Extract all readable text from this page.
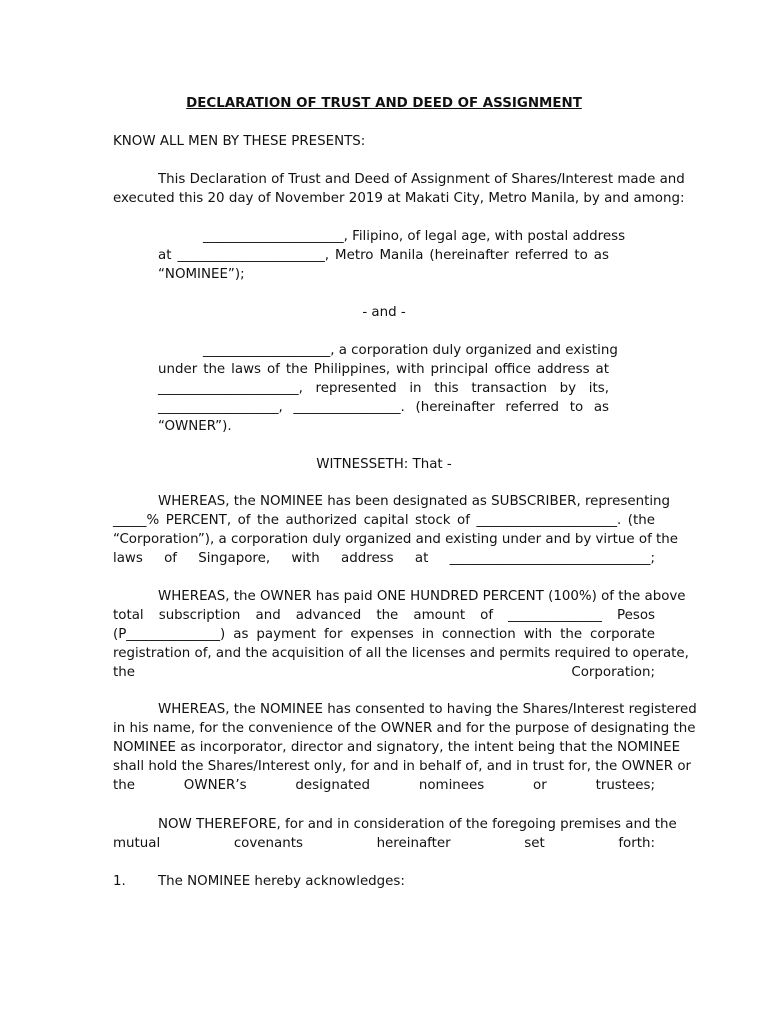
DECLARATION OF TRUST AND DEED OF ASSIGNMENT
KNOW ALL MEN BY THESE PRESENTS:
This Declaration of Trust and Deed of Assignment of Shares/Interest made and
executed this 20 day of November 2019 at Makati City, Metro Manila, by and among:
_____________________, Filipino, of legal age, with postal address
at ______________________, Metro Manila (hereinafter referred to as
“NOMINEE”);
- and -
___________________, a corporation duly organized and existing
under the laws of the Philippines, with principal office address at
_____________________, represented in this transaction by its,
__________________, ________________. (hereinafter referred to as
“OWNER”).
WITNESSETH: That -
WHEREAS, the NOMINEE has been designated as SUBSCRIBER, representing
_____% PERCENT, of the authorized capital stock of _____________________. (the
“Corporation”), a corporation duly organized and existing under and by virtue of the
laws of Singapore, with address at ______________________________;
WHEREAS, the OWNER has paid ONE HUNDRED PERCENT (100%) of the above
total subscription and advanced the amount of ______________ Pesos
(P______________) as payment for expenses in connection with the corporate
registration of, and the acquisition of all the licenses and permits required to operate,
the Corporation;
WHEREAS, the NOMINEE has consented to having the Shares/Interest registered
in his name, for the convenience of the OWNER and for the purpose of designating the
NOMINEE as incorporator, director and signatory, the intent being that the NOMINEE
shall hold the Shares/Interest only, for and in behalf of, and in trust for, the OWNER or
the OWNER’s designated nominees or trustees;
NOW THEREFORE, for and in consideration of the foregoing premises and the
mutual covenants hereinafter set forth:
1. The NOMINEE hereby acknowledges:
